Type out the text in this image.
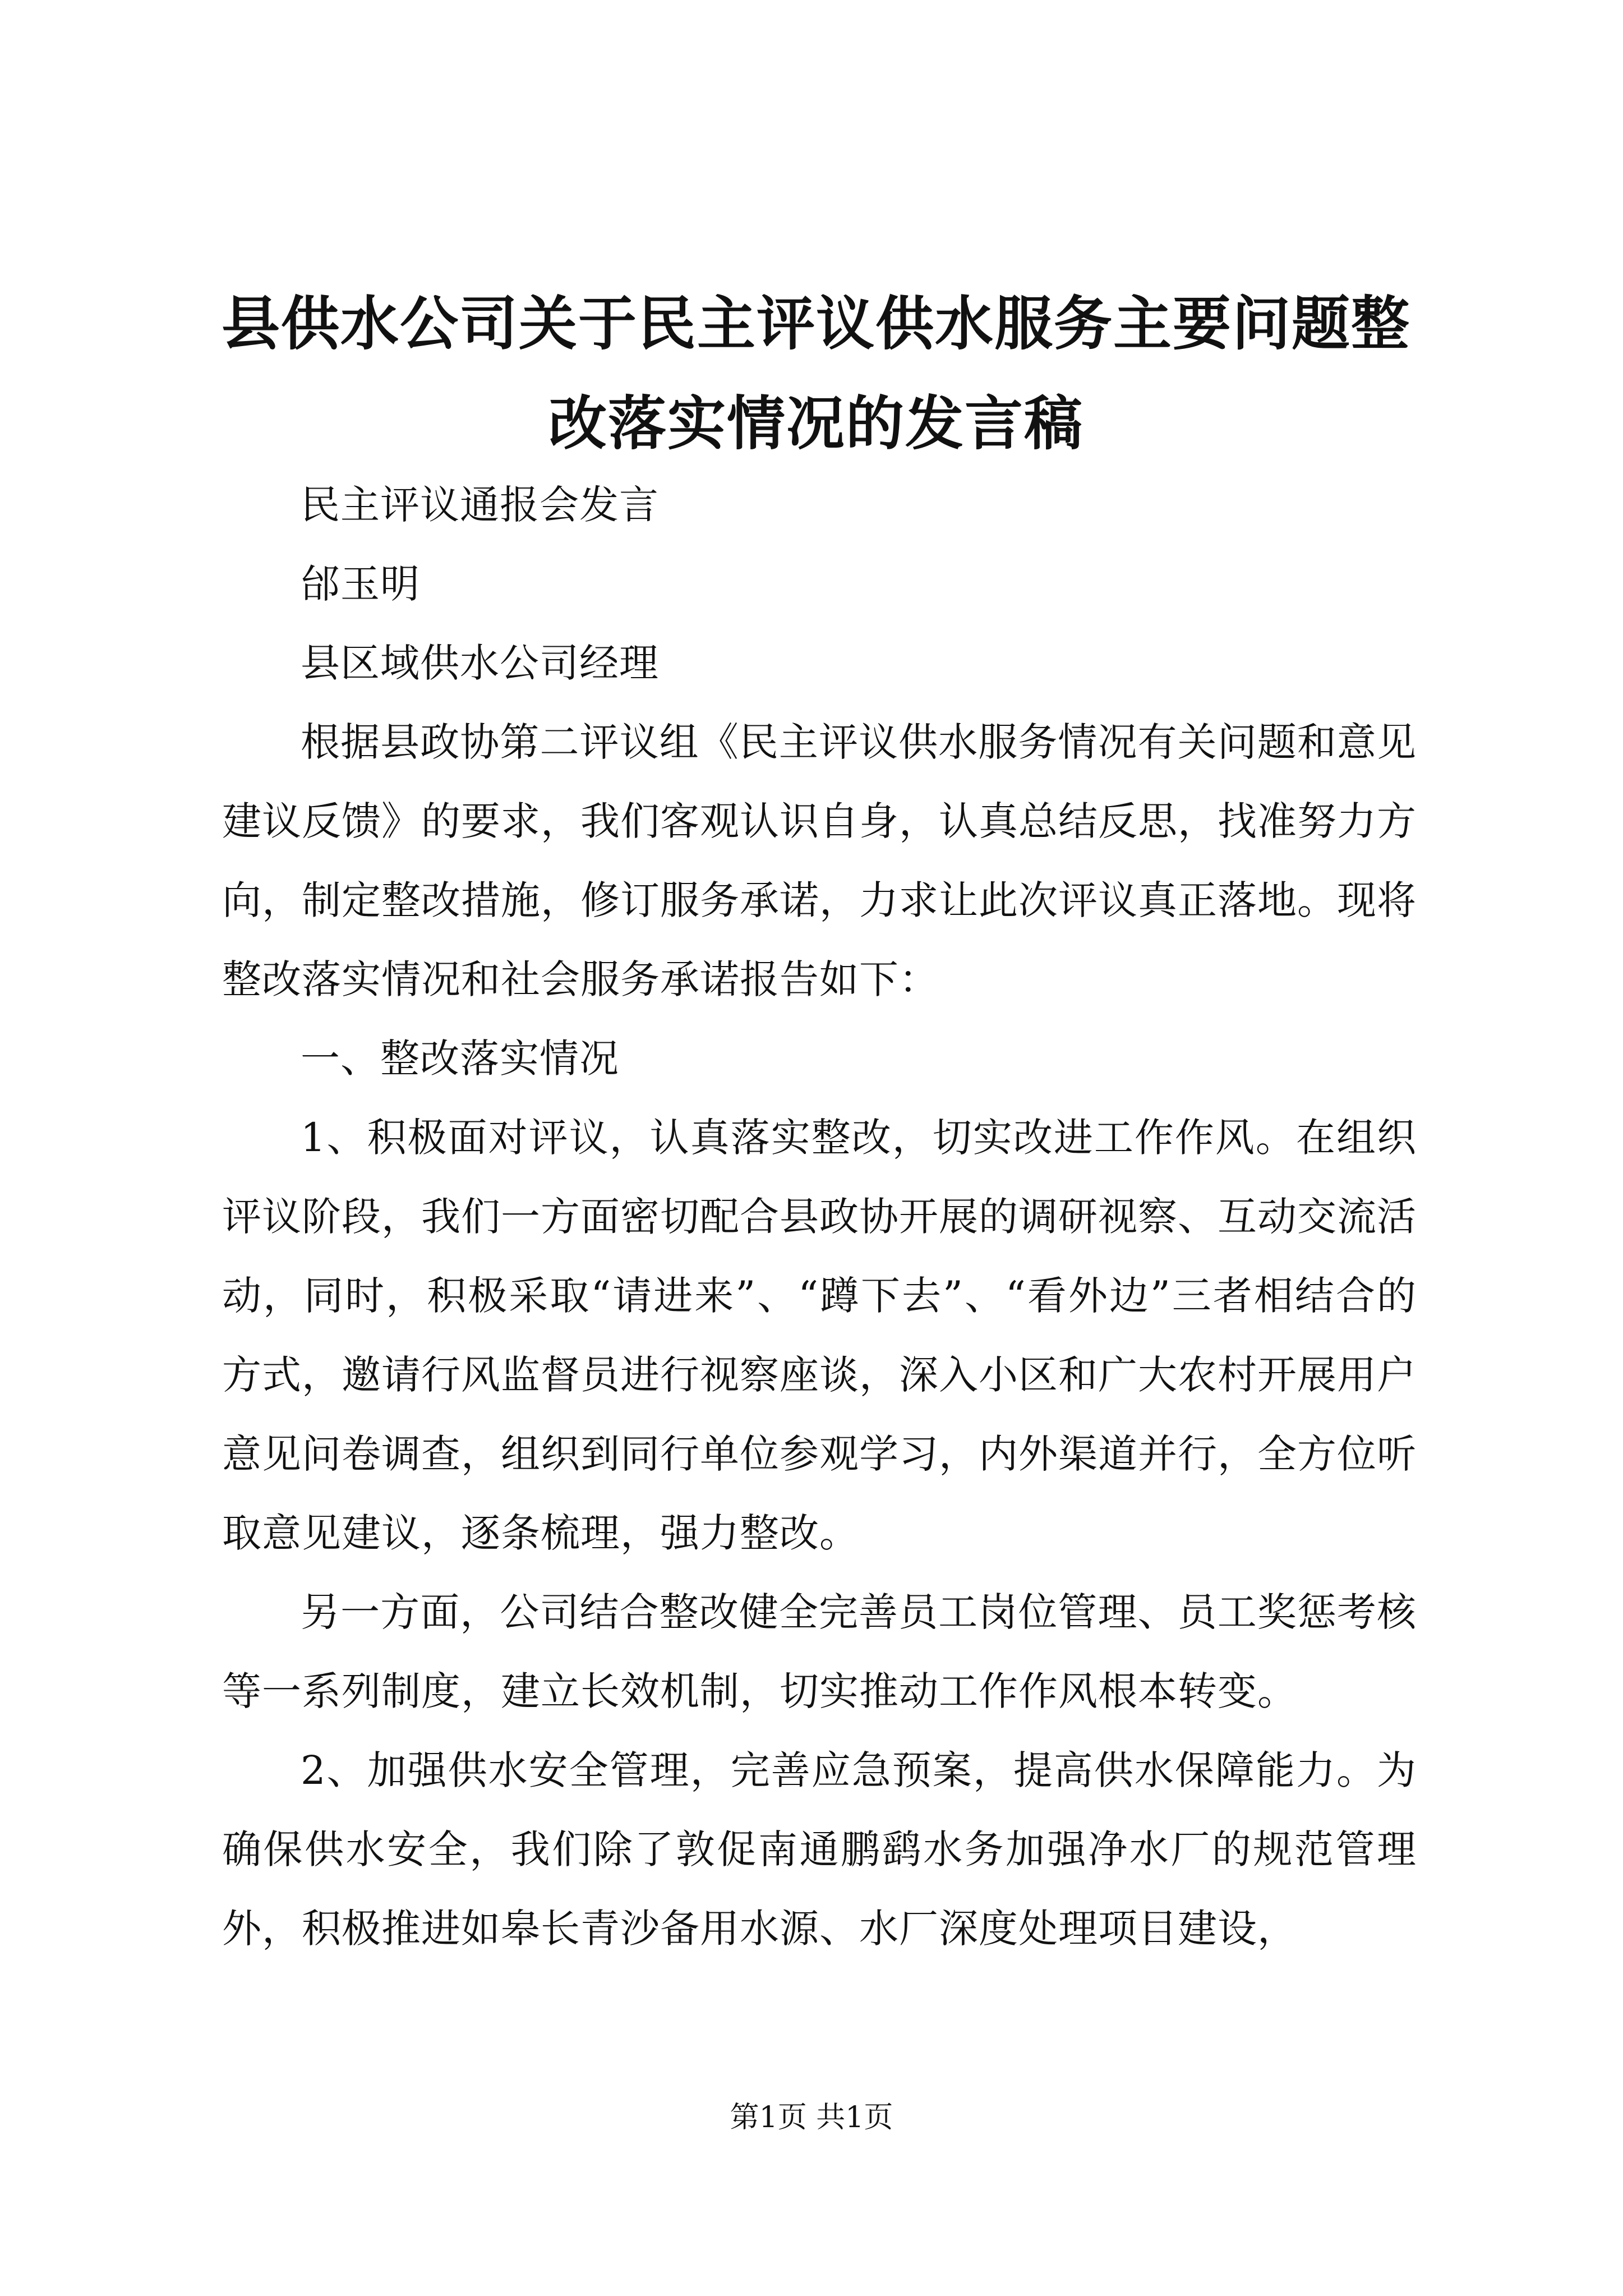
县供水公司关于民主评议供水服务主要问题整
改落实情况的发言稿

民主评议通报会发言

邰玉明

县区域供水公司经理

根据县政协第二评议组《民主评议供水服务情况有关问题和意见建议反馈》的要求，我们客观认识自身，认真总结反思，找准努力方向，制定整改措施，修订服务承诺，力求让此次评议真正落地。现将整改落实情况和社会服务承诺报告如下：

一、整改落实情况

1、积极面对评议，认真落实整改，切实改进工作作风。在组织评议阶段，我们一方面密切配合县政协开展的调研视察、互动交流活动，同时，积极采取“请进来”、“蹲下去”、“看外边”三者相结合的方式，邀请行风监督员进行视察座谈，深入小区和广大农村开展用户意见问卷调查，组织到同行单位参观学习，内外渠道并行，全方位听取意见建议，逐条梳理，强力整改。

另一方面，公司结合整改健全完善员工岗位管理、员工奖惩考核等一系列制度，建立长效机制，切实推动工作作风根本转变。

2、加强供水安全管理，完善应急预案，提高供水保障能力。为确保供水安全，我们除了敦促南通鹏鹞水务加强净水厂的规范管理外，积极推进如皋长青沙备用水源、水厂深度处理项目建设，

第1页 共1页
